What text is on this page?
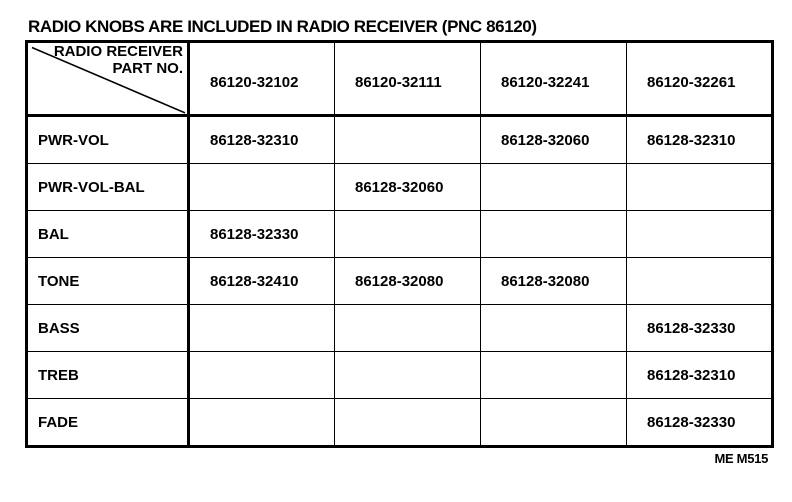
RADIO KNOBS ARE INCLUDED IN RADIO RECEIVER (PNC 86120)
RADIO RECEIVER
PART NO.	86120-32102	86120-32111	86120-32241	86120-32261
PWR-VOL	86128-32310		86128-32060	86128-32310
PWR-VOL-BAL		86128-32060		
BAL	86128-32330			
TONE	86128-32410	86128-32080	86128-32080	
BASS				86128-32330
TREB				86128-32310
FADE				86128-32330
ME M515
